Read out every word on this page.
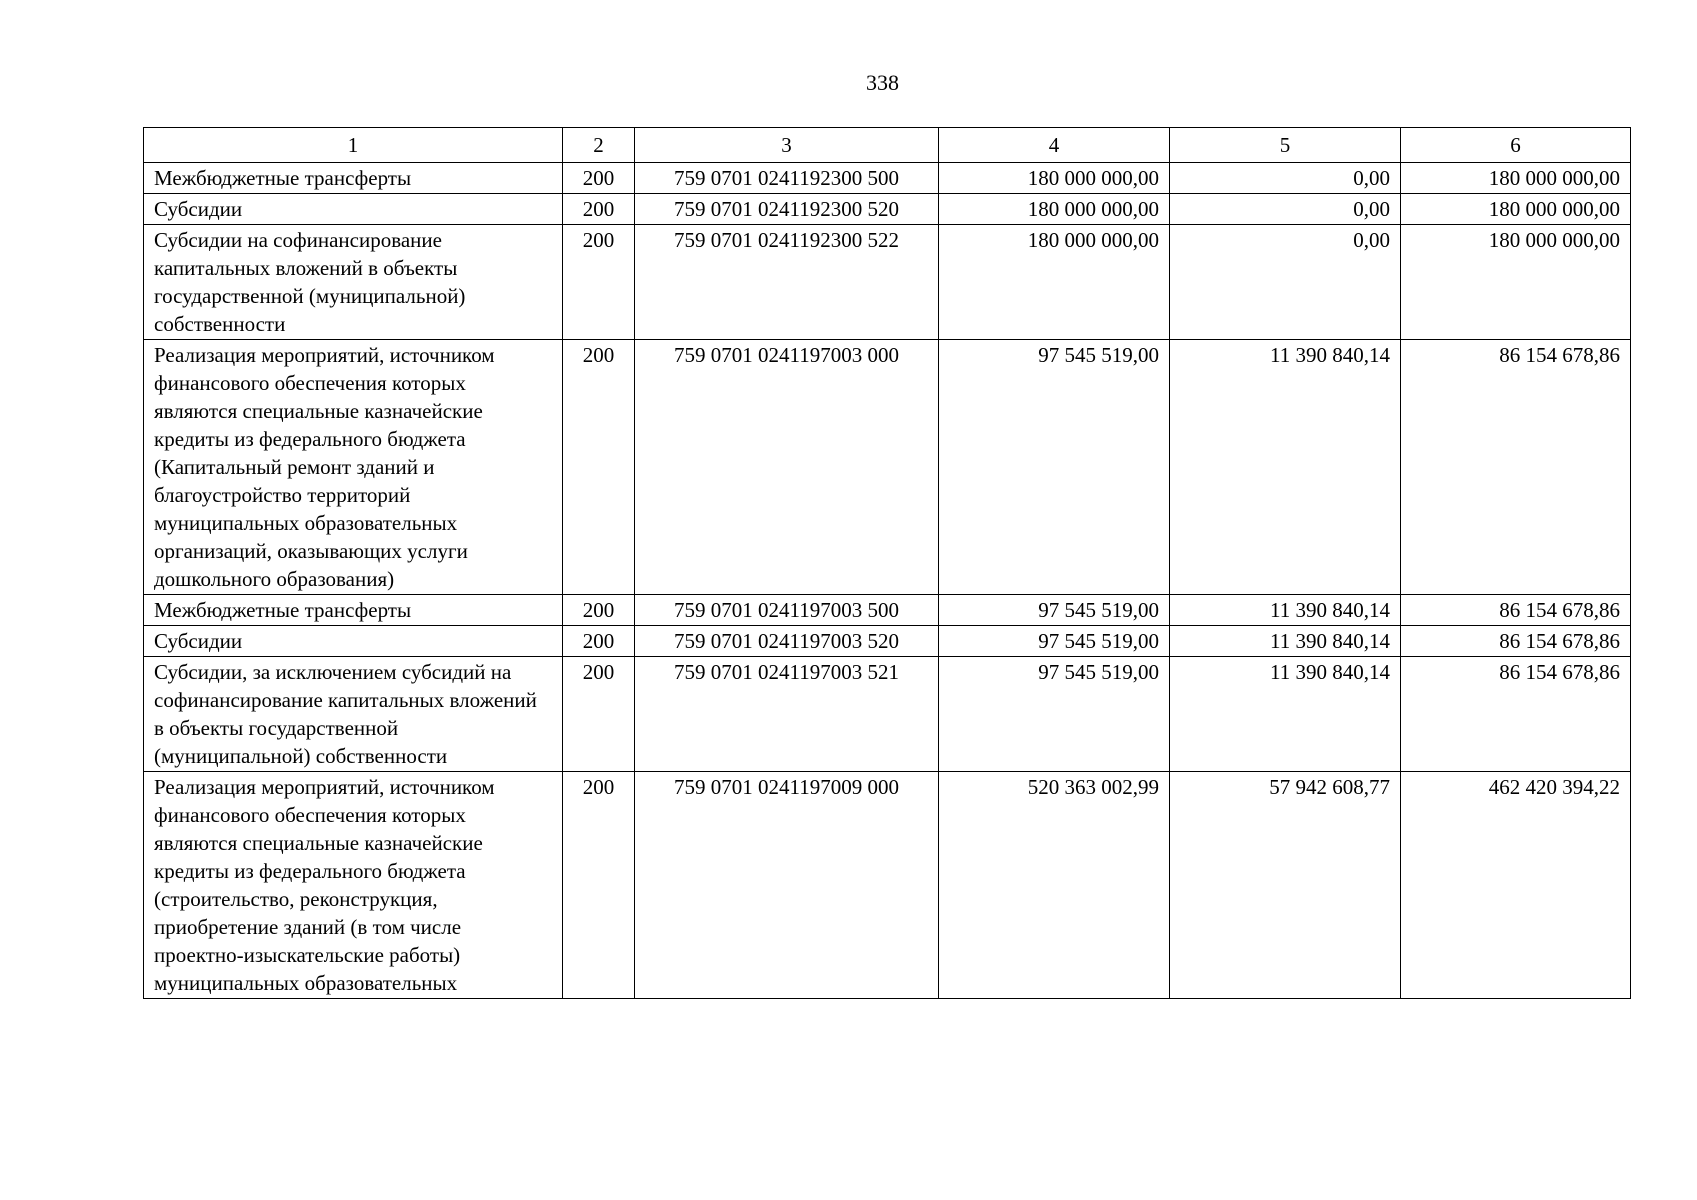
338
1	2	3	4	5	6
Межбюджетные трансферты	200	759 0701 0241192300 500	180 000 000,00	0,00	180 000 000,00
Субсидии	200	759 0701 0241192300 520	180 000 000,00	0,00	180 000 000,00
Субсидии на софинансирование капитальных вложений в объекты государственной (муниципальной) собственности	200	759 0701 0241192300 522	180 000 000,00	0,00	180 000 000,00
Реализация мероприятий, источником финансового обеспечения которых являются специальные казначейские кредиты из федерального бюджета (Капитальный ремонт зданий и благоустройство территорий муниципальных образовательных организаций, оказывающих услуги дошкольного образования)	200	759 0701 0241197003 000	97 545 519,00	11 390 840,14	86 154 678,86
Межбюджетные трансферты	200	759 0701 0241197003 500	97 545 519,00	11 390 840,14	86 154 678,86
Субсидии	200	759 0701 0241197003 520	97 545 519,00	11 390 840,14	86 154 678,86
Субсидии, за исключением субсидий на софинансирование капитальных вложений в объекты государственной (муниципальной) собственности	200	759 0701 0241197003 521	97 545 519,00	11 390 840,14	86 154 678,86
Реализация мероприятий, источником финансового обеспечения которых являются специальные казначейские кредиты из федерального бюджета (строительство, реконструкция, приобретение зданий (в том числе проектно-изыскательские работы) муниципальных образовательных	200	759 0701 0241197009 000	520 363 002,99	57 942 608,77	462 420 394,22
